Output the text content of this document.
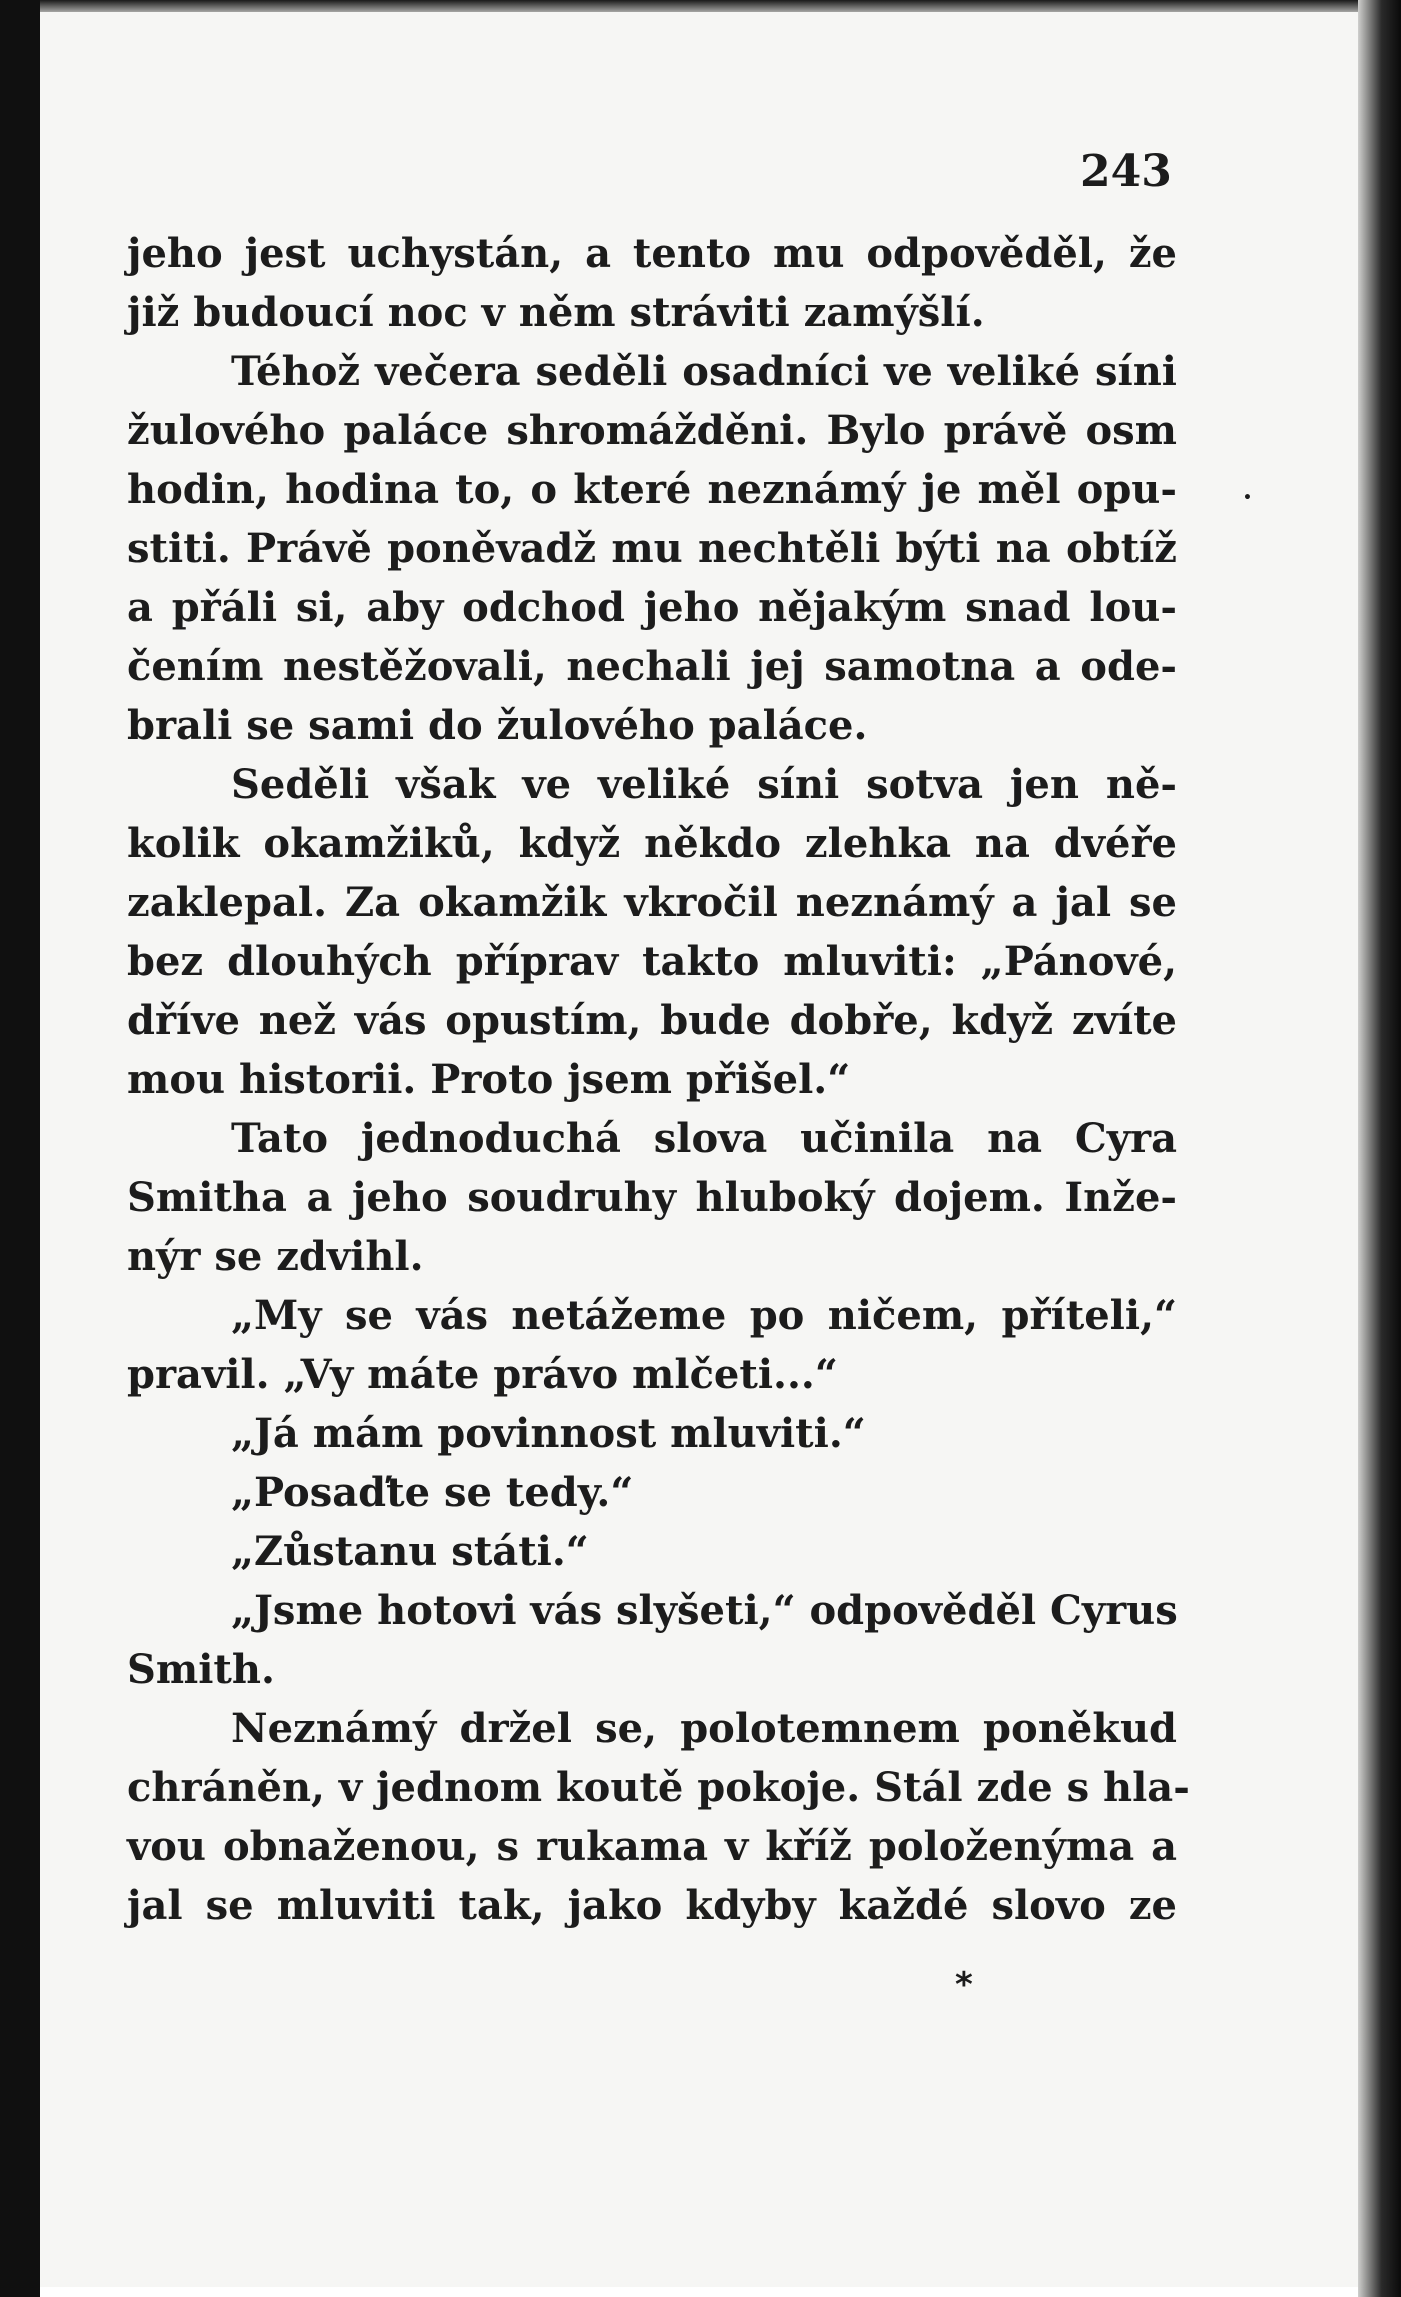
243
jeho jest uchystán, a tento mu odpověděl, že
již budoucí noc v něm stráviti zamýšlí.
Téhož večera seděli osadníci ve veliké síni
žulového paláce shromážděni. Bylo právě osm
hodin, hodina to, o které neznámý je měl opu-
stiti. Právě poněvadž mu nechtěli býti na obtíž
a přáli si, aby odchod jeho nějakým snad lou-
čením nestěžovali, nechali jej samotna a ode-
brali se sami do žulového paláce.
Seděli však ve veliké síni sotva jen ně-
kolik okamžiků, když někdo zlehka na dvéře
zaklepal. Za okamžik vkročil neznámý a jal se
bez dlouhých příprav takto mluviti: „Pánové,
dříve než vás opustím, bude dobře, když zvíte
mou historii. Proto jsem přišel.“
Tato jednoduchá slova učinila na Cyra
Smitha a jeho soudruhy hluboký dojem. Inže-
nýr se zdvihl.
„My se vás netážeme po ničem, příteli,“
pravil. „Vy máte právo mlčeti...“
„Já mám povinnost mluviti.“
„Posaďte se tedy.“
„Zůstanu státi.“
„Jsme hotovi vás slyšeti,“ odpověděl Cyrus
Smith.
Neznámý držel se, polotemnem poněkud
chráněn, v jednom koutě pokoje. Stál zde s hla-
vou obnaženou, s rukama v kříž položenýma a
jal se mluviti tak, jako kdyby každé slovo ze
*
•
